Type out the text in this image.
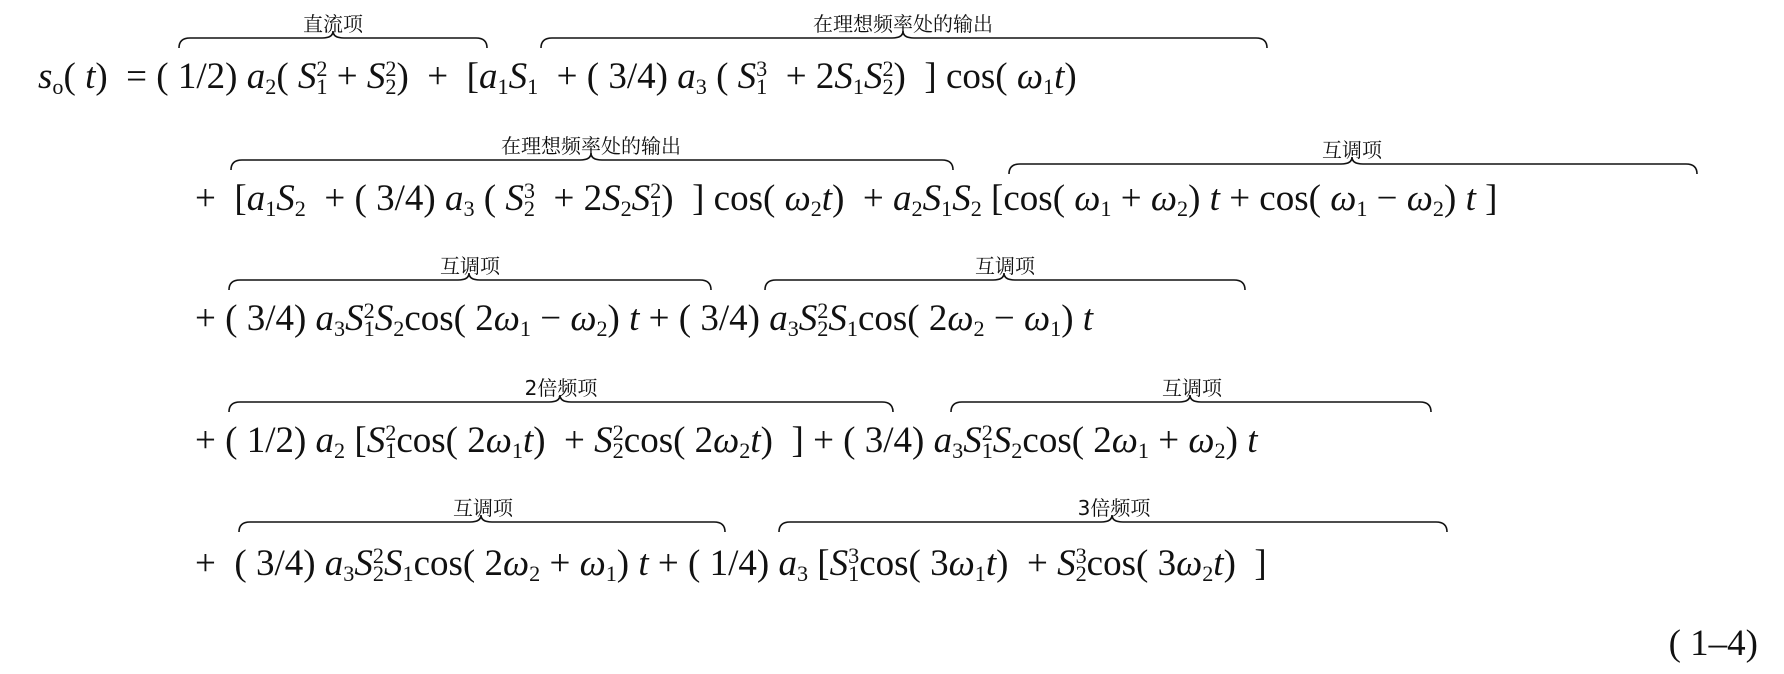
$s_o$( t)  = ( 1/2) $a_2$( $S^2_1 + S^2_2) + [a_1S_1$  + ( 3/4) $a_3$ ( $S^3_1 + 2S_1S^2_2$)  ] cos( $\omega_1t$)
+  [$a_1S_2$  + ( 3/4) $a_3$ ( $S^3_2 + 2S_2S^2_1$)  ] cos( $\omega_2t) + a_2S_1S_2$ [cos( $\omega_1 + \omega_2$) t + cos( $\omega_1 - \omega_2$) t ]
+ ( 3/4) $a_3S^2_1S_2\cos$( $2\omega_1 - \omega_2$) t + ( 3/4) $a_3S^2_2S_1\cos$( $2\omega_2 - \omega_1$) t
+ ( 1/2) $a_2$ [$S^2_1\cos$( $2\omega_1t) + S^2_2\cos$( $2\omega_2t$)  ] + ( 3/4) $a_3S^2_1S_2\cos$( $2\omega_1 + \omega_2$) t
+  ( 3/4) $a_3S^2_2S_1\cos$( $2\omega_2 + \omega_1$) t + ( 1/4) $a_3$ [$S^3_1\cos$( $3\omega_1t) + S^3_2\cos$( $3\omega_2t$)  ]
直流项	在理想频率处的输出
在理想频率处的输出	互调项
互调项	互调项
2倍频项	互调项
互调项	3倍频项
( 1–4)
